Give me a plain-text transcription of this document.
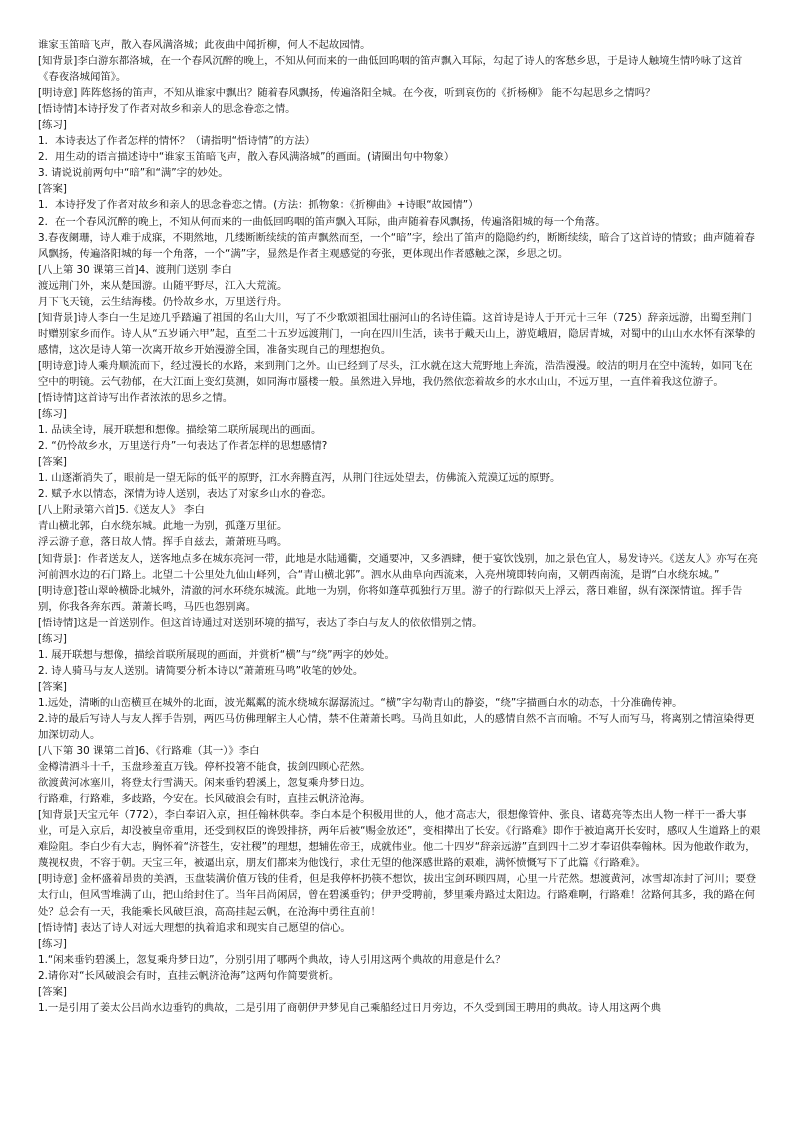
谁家玉笛暗飞声，散入春风满洛城；此夜曲中闻折柳，何人不起故园情。

[知背景]李白游东都洛城，在一个春风沉醉的晚上，不知从何而来的一曲低回呜咽的笛声飘入耳际，勾起了诗人的客愁乡思，于是诗人触境生情吟咏了这首《春夜洛城闻笛》。

[明诗意] 阵阵悠扬的笛声，不知从谁家中飘出？随着春风飘扬，传遍洛阳全城。在今夜，听到哀伤的《折杨柳》 能不勾起思乡之情吗？

[悟诗情]本诗抒发了作者对故乡和亲人的思念眷恋之情。

[练习]

1．本诗表达了作者怎样的情怀？（请指明“悟诗情”的方法）

2．用生动的语言描述诗中“谁家玉笛暗飞声，散入春风满洛城”的画面。(请圈出句中物象）

3. 请说说前两句中“暗”和“满”字的妙处。

[答案]

1．本诗抒发了作者对故乡和亲人的思念眷恋之情。(方法：抓物象：《折柳曲》+诗眼“故园情”）

2．在一个春风沉醉的晚上，不知从何而来的一曲低回呜咽的笛声飘入耳际，曲声随着春风飘扬，传遍洛阳城的每一个角落。

3.春夜阑珊，诗人难于成寐，不期然地，几缕断断续续的笛声飘然而至，一个“暗”字，绘出了笛声的隐隐约约，断断续续，暗合了这首诗的情致；曲声随着春风飘扬，传遍洛阳城的每一个角落，一个“满”字，显然是作者主观感觉的夸张，更体现出作者感触之深，乡思之切。

[八上第 30 课第三首]4、渡荆门送别 李白

渡远荆门外，来从楚国游。山随平野尽，江入大荒流。

月下飞天镜，云生结海楼。仍怜故乡水，万里送行舟。

[知背景]诗人李白一生足迹几乎踏遍了祖国的名山大川，写了不少歌颂祖国壮丽河山的名诗佳篇。这首诗是诗人于开元十三年（725）辞亲远游，出蜀至荆门时赠别家乡而作。诗人从“五岁诵六甲”起，直至二十五岁远渡荆门，一向在四川生活，读书于戴天山上，游览峨眉，隐居青城，对蜀中的山山水水怀有深挚的感情，这次是诗人第一次离开故乡开始漫游全国，准备实现自己的理想抱负。

[明诗意]诗人乘舟顺流而下，经过漫长的水路，来到荆门之外。山已经到了尽头，江水就在这大荒野地上奔流，浩浩漫漫。皎洁的明月在空中流转，如同飞在空中的明镜。云气勃郁，在大江面上变幻莫测，如同海市蜃楼一般。虽然进入异地，我仍然依恋着故乡的水水山山，不远万里，一直伴着我这位游子。

[悟诗情]这首诗写出作者浓浓的思乡之情。

[练习]

1. 品读全诗，展开联想和想像。描绘第二联所展现出的画面。

2. “仍怜故乡水，万里送行舟”一句表达了作者怎样的思想感情?

[答案]

1. 山逐渐消失了，眼前是一望无际的低平的原野，江水奔腾直泻，从荆门往远处望去，仿佛流入荒漠辽远的原野。

2. 赋予水以情态，深情为诗人送别，表达了对家乡山水的眷恋。

[八上附录第六首]5.《送友人》 李白

青山横北郭，白水绕东城。此地一为别，孤蓬万里征。

浮云游子意，落日故人情。挥手自兹去，萧萧班马鸣。

[知背景]：作者送友人，送客地点多在城东亮河一带，此地是水陆通衢，交通要冲，又多酒肆，便于宴饮饯别，加之景色宜人，易发诗兴。《送友人》亦写在亮河前泗水边的石门路上。北望二十公里处九仙山峄列，合“青山横北郭”。泗水从曲阜向西流来，入亮州境即转向南，又朝西南流，是谓“白水绕东城。”

[明诗意]苍山翠岭横卧北城外，清澈的河水环绕东城流。此地一为别，你将如蓬草孤独行万里。游子的行踪似天上浮云，落日难留，纵有深深情谊。挥手告别，你我各奔东西。萧萧长鸣，马匹也怨别离。

[悟诗情]这是一首送别作。但这首诗通过对送别环境的描写，表达了李白与友人的依依惜别之情。

[练习]

1. 展开联想与想像，描绘首联所展现的画面，并赏析“横”与“绕”两字的妙处。

2. 诗人骑马与友人送别。请简要分析本诗以“萧萧班马鸣”收笔的妙处。

[答案]

1.远处，清晰的山峦横亘在城外的北面，波光粼粼的流水绕城东潺潺流过。“横”字勾勒青山的静姿，“绕”字描画白水的动态，十分准确传神。

2.诗的最后写诗人与友人挥手告别，两匹马仿佛理解主人心情，禁不住萧萧长鸣。马尚且如此，人的感情自然不言而喻。不写人而写马，将离别之情渲染得更加深切动人。

[八下第 30 课第二首]6、《行路难（其一）》李白

金樽清酒斗十千，玉盘珍羞直万钱。停杯投箸不能食，拔剑四顾心茫然。

欲渡黄河冰塞川，将登太行雪满天。闲来垂钓碧溪上，忽复乘舟梦日边。

行路难，行路难，多歧路，今安在。长风破浪会有时，直挂云帆济沧海。

[知背景]天宝元年（772），李白奉诏入京，担任翰林供奉。李白本是个积极用世的人，他才高志大，很想像管仲、张良、诸葛亮等杰出人物一样干一番大事业，可是入京后，却没被皇帝重用，还受到权臣的谗毁排挤，两年后被“赐金放还”，变相撵出了长安。《行路难》即作于被迫离开长安时，感叹人生道路上的艰难险阻。李白少有大志，胸怀着“济苍生，安社稷”的理想，想辅佐帝王，成就伟业。他二十四岁“辞亲远游”直到四十二岁才奉诏供奉翰林。因为他敢作敢为，蔑视权贵，不容于朝。天宝三年，被逼出京，朋友们都来为他饯行，求仕无望的他深感世路的艰难，满怀愤慨写下了此篇《行路难》。

[明诗意] 金杯盛着昂贵的美酒，玉盘装满价值万钱的佳肴，但是我停杯扔筷不想饮，拔出宝剑环顾四周，心里一片茫然。想渡黄河，冰雪却冻封了河川；要登太行山，但风雪堆满了山，把山给封住了。当年吕尚闲居，曾在碧溪垂钓；伊尹受聘前，梦里乘舟路过太阳边。行路难啊，行路难！岔路何其多，我的路在何处？总会有一天，我能乘长风破巨浪，高高挂起云帆，在沧海中勇往直前！

[悟诗情] 表达了诗人对远大理想的执着追求和现实自己愿望的信心。

[练习]

1.“闲来垂钓碧溪上，忽复乘舟梦日边”，分别引用了哪两个典故，诗人引用这两个典故的用意是什么？

2.请你对“长风破浪会有时，直挂云帆济沧海”这两句作简要赏析。

[答案]

1.一是引用了姜太公吕尚水边垂钓的典故，二是引用了商朝伊尹梦见自己乘船经过日月旁边，不久受到国王聘用的典故。诗人用这两个典
